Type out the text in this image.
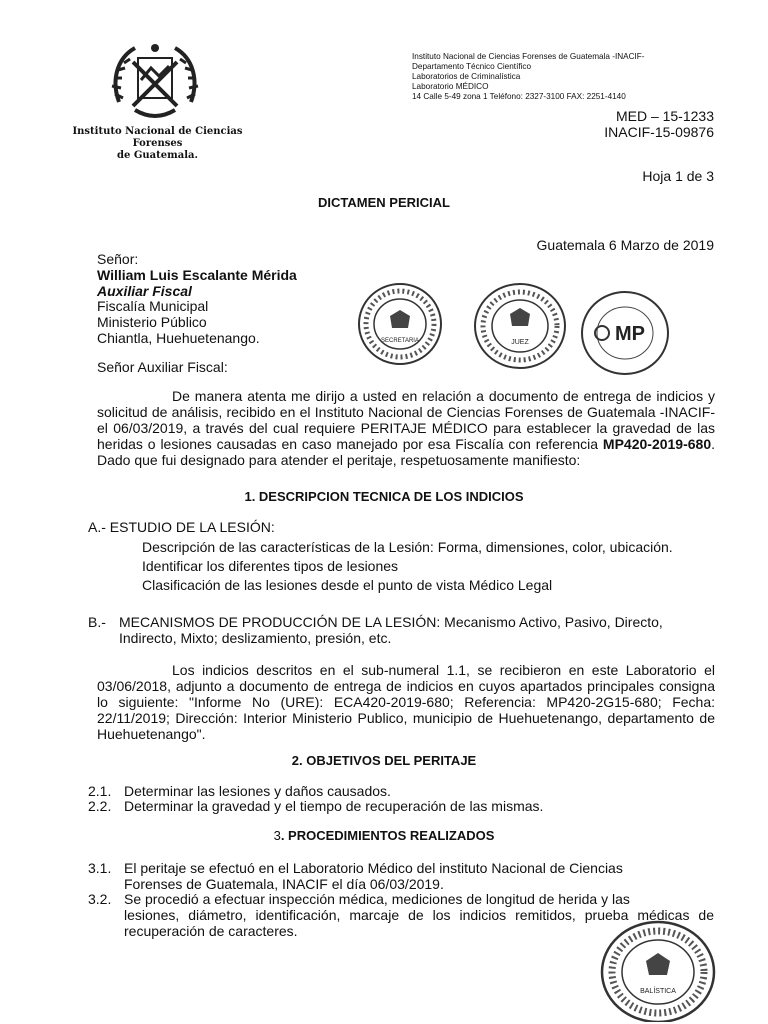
Instituto Nacional de Ciencias Forenses
de Guatemala.
Instituto Nacional de Ciencias Forenses de Guatemala -INACIF-
Departamento Técnico Científico
Laboratorios de Criminalística
Laboratorio MÉDICO
14 Calle 5-49 zona 1 Teléfono: 2327-3100 FAX: 2251-4140
MED – 15-1233
INACIF-15-09876
Hoja 1 de 3
DICTAMEN PERICIAL
Guatemala 6 Marzo de 2019
Señor:
William Luis Escalante Mérida
Auxiliar Fiscal
Fiscalía Municipal
Ministerio Público
Chiantla, Huehuetenango.
Señor Auxiliar Fiscal:
SECRETARIA	JUEZ	MP
De manera atenta me dirijo a usted en relación a documento de entrega de indicios y solicitud de análisis, recibido en el Instituto Nacional de Ciencias Forenses de Guatemala -INACIF- el 06/03/2019, a través del cual requiere PERITAJE MÉDICO para establecer la gravedad de las heridas o lesiones causadas en caso manejado por esa Fiscalía con referencia MP420-2019-680. Dado que fui designado para atender el peritaje, respetuosamente manifiesto:
1. DESCRIPCION TECNICA DE LOS INDICIOS
A.- ESTUDIO DE LA LESIÓN:
Descripción de las características de la Lesión: Forma, dimensiones, color, ubicación.
Identificar los diferentes tipos de lesiones
Clasificación de las lesiones desde el punto de vista Médico Legal
B.- MECANISMOS DE PRODUCCIÓN DE LA LESIÓN: Mecanismo Activo, Pasivo, Directo,
Indirecto, Mixto; deslizamiento, presión, etc.
Los indicios descritos en el sub-numeral 1.1, se recibieron en este Laboratorio el 03/06/2018, adjunto a documento de entrega de indicios en cuyos apartados principales consigna lo siguiente: "Informe No (URE): ECA420-2019-680; Referencia: MP420-2G15-680; Fecha: 22/11/2019; Dirección: Interior Ministerio Publico, municipio de Huehuetenango, departamento de Huehuetenango".
2. OBJETIVOS DEL PERITAJE
2.1. Determinar las lesiones y daños causados.
2.2. Determinar la gravedad y el tiempo de recuperación de las mismas.
3. PROCEDIMIENTOS REALIZADOS
3.1. El peritaje se efectuó en el Laboratorio Médico del instituto Nacional de Ciencias
Forenses de Guatemala, INACIF el día 06/03/2019.
3.2. Se procedió a efectuar inspección médica, mediciones de longitud de herida y las
lesiones, diámetro, identificación, marcaje de los indicios remitidos, prueba médicas de recuperación de caracteres.
BALÍSTICA
